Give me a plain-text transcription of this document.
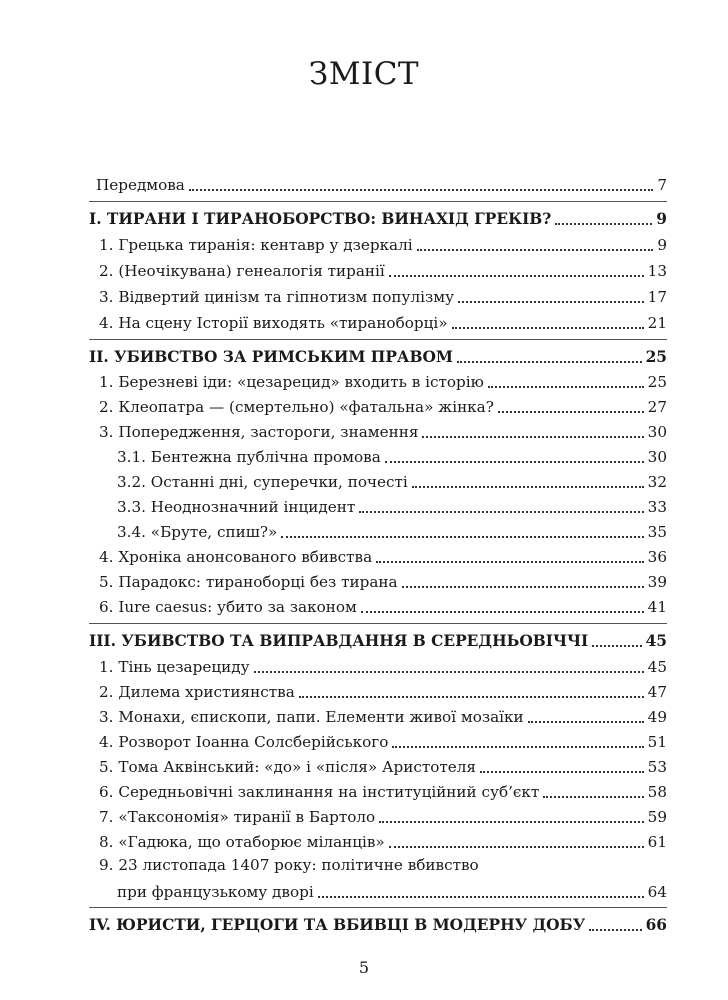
ЗМІСТ
Передмова	7
I. ТИРАНИ І ТИРАНОБОРСТВО: ВИНАХІД ГРЕКІВ?	9
1. Грецька тиранія: кентавр у дзеркалі	9
2. (Неочікувана) генеалогія тиранії	13
3. Відвертий цинізм та гіпнотизм популізму	17
4. На сцену Історії виходять «тираноборці»	21
II. УБИВСТВО ЗА РИМСЬКИМ ПРАВОМ	25
1. Березневі іди: «цезарецид» входить в історію	25
2. Клеопатра — (смертельно) «фатальна» жінка?	27
3. Попередження, застороги, знамення	30
3.1. Бентежна публічна промова	30
3.2. Останні дні, суперечки, почесті	32
3.3. Неоднозначний інцидент	33
3.4. «Бруте, спиш?»	35
4. Хроніка анонсованого вбивства	36
5. Парадокс: тираноборці без тирана	39
6. Iure caesus: убито за законом	41
III. УБИВСТВО ТА ВИПРАВДАННЯ В СЕРЕДНЬОВІЧЧІ	45
1. Тінь цезарециду	45
2. Дилема християнства	47
3. Монахи, єпископи, папи. Елементи живої мозаїки	49
4. Розворот Іоанна Солсберійського	51
5. Тома Аквінський: «до» і «після» Аристотеля	53
6. Середньовічні заклинання на інституційний суб’єкт	58
7. «Таксономія» тиранії в Бартоло	59
8. «Гадюка, що отаборює міланців»	61
9. 23 листопада 1407 року: політичне вбивство
при французькому дворі	64
IV. ЮРИСТИ, ГЕРЦОГИ ТА ВБИВЦІ В МОДЕРНУ ДОБУ	66
5
